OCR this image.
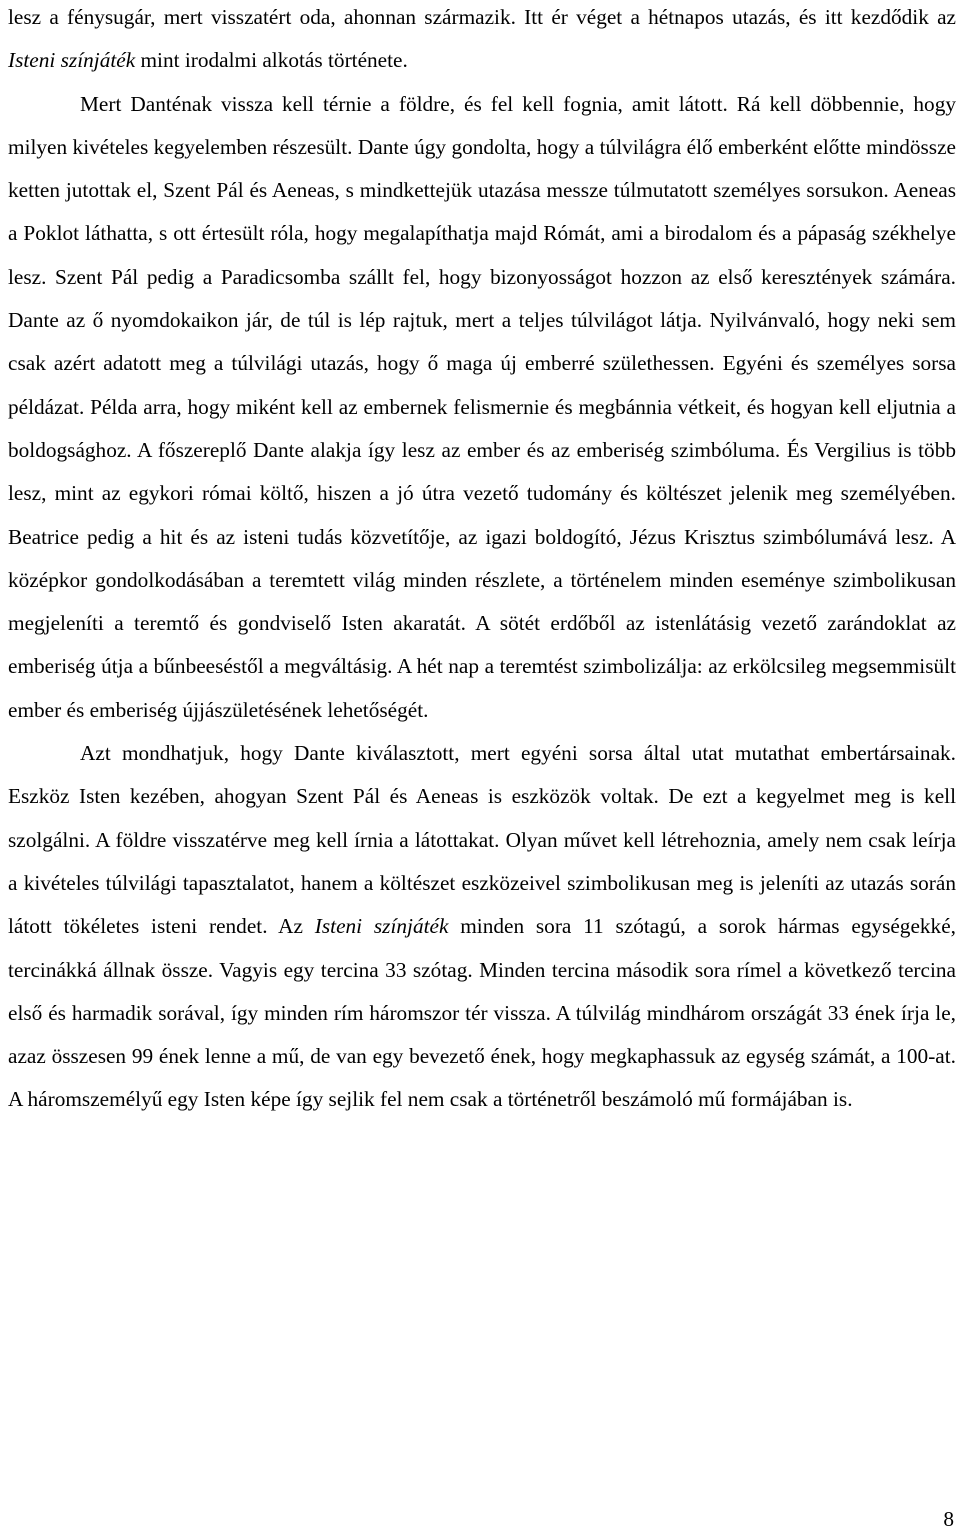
lesz a fénysugár, mert visszatért oda, ahonnan származik. Itt ér véget a hétnapos utazás, és itt kezdődik az Isteni színjáték mint irodalmi alkotás története.

Mert Danténak vissza kell térnie a földre, és fel kell fognia, amit látott. Rá kell döbbennie, hogy milyen kivételes kegyelemben részesült. Dante úgy gondolta, hogy a túlvilágra élő emberként előtte mindössze ketten jutottak el, Szent Pál és Aeneas, s mindkettejük utazása messze túlmutatott személyes sorsukon. Aeneas a Poklot láthatta, s ott értesült róla, hogy megalapíthatja majd Rómát, ami a birodalom és a pápaság székhelye lesz. Szent Pál pedig a Paradicsomba szállt fel, hogy bizonyosságot hozzon az első keresztények számára. Dante az ő nyomdokaikon jár, de túl is lép rajtuk, mert a teljes túlvilágot látja. Nyilvánvaló, hogy neki sem csak azért adatott meg a túlvilági utazás, hogy ő maga új emberré születhessen. Egyéni és személyes sorsa példázat. Példa arra, hogy miként kell az embernek felismernie és megbánnia vétkeit, és hogyan kell eljutnia a boldogsághoz. A főszereplő Dante alakja így lesz az ember és az emberiség szimbóluma. És Vergilius is több lesz, mint az egykori római költő, hiszen a jó útra vezető tudomány és költészet jelenik meg személyében. Beatrice pedig a hit és az isteni tudás közvetítője, az igazi boldogító, Jézus Krisztus szimbólumává lesz. A középkor gondolkodásában a teremtett világ minden részlete, a történelem minden eseménye szimbolikusan megjeleníti a teremtő és gondviselő Isten akaratát. A sötét erdőből az istenlátásig vezető zarándoklat az emberiség útja a bűnbeeséstől a megváltásig. A hét nap a teremtést szimbolizálja: az erkölcsileg megsemmisült ember és emberiség újjászületésének lehetőségét.

Azt mondhatjuk, hogy Dante kiválasztott, mert egyéni sorsa által utat mutathat embertársainak. Eszköz Isten kezében, ahogyan Szent Pál és Aeneas is eszközök voltak. De ezt a kegyelmet meg is kell szolgálni. A földre visszatérve meg kell írnia a látottakat. Olyan művet kell létrehoznia, amely nem csak leírja a kivételes túlvilági tapasztalatot, hanem a költészet eszközeivel szimbolikusan meg is jeleníti az utazás során látott tökéletes isteni rendet. Az Isteni színjáték minden sora 11 szótagú, a sorok hármas egységekké, tercinákká állnak össze. Vagyis egy tercina 33 szótag. Minden tercina második sora rímel a következő tercina első és harmadik sorával, így minden rím háromszor tér vissza. A túlvilág mindhárom országát 33 ének írja le, azaz összesen 99 ének lenne a mű, de van egy bevezető ének, hogy megkaphassuk az egység számát, a 100-at. A háromszemélyű egy Isten képe így sejlik fel nem csak a történetről beszámoló mű formájában is.

8
